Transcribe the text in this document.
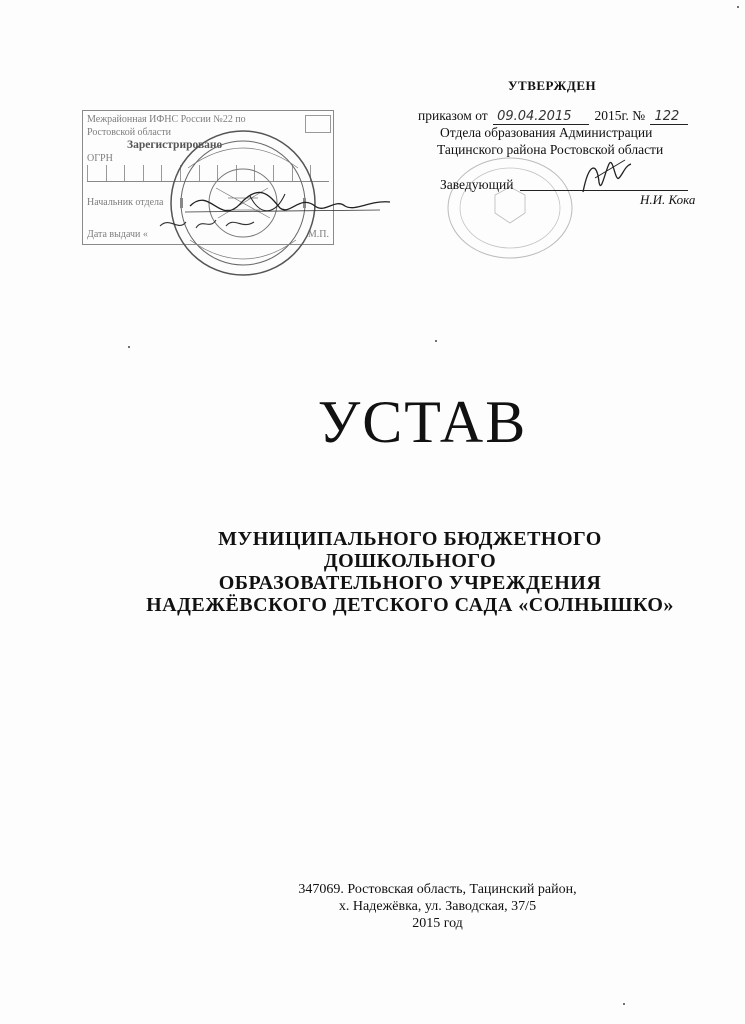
Межрайонная ИФНС России №22 по
Ростовской области
Зарегистрировано
ОГРН
Начальник отдела
Дата выдачи «	М.П.
УТВЕРЖДЕН
приказом от 09.04.2015 2015г. № 122
Отдела образования Администрации
Тацинского района Ростовской области
Заведующий
Н.И. Кока
УСТАВ
МУНИЦИПАЛЬНОГО БЮДЖЕТНОГО
ДОШКОЛЬНОГО
ОБРАЗОВАТЕЛЬНОГО УЧРЕЖДЕНИЯ
НАДЕЖЁВСКОГО ДЕТСКОГО САДА «СОЛНЫШКО»
347069. Ростовская область, Тацинский район,
х. Надежёвка, ул. Заводская, 37/5
2015 год
